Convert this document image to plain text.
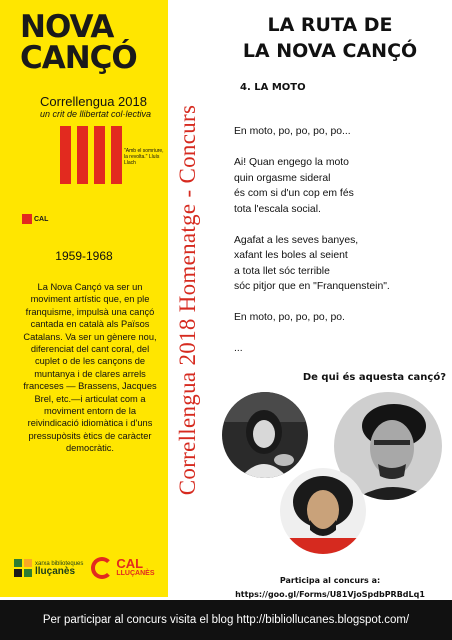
NOVA
CANÇÓ
Correllengua 2018
un crit de llibertat col·lectiva
"Amb el somriure, la revolta." Lluís Llach
CAL
1959-1968
La Nova Cançó va ser un moviment artístic que, en ple franquisme, impulsà una cançó cantada en català als Països Catalans. Va ser un gènere nou, diferenciat del cant coral, del cuplet o de les cançons de muntanya i de clares arrels franceses — Brassens, Jacques Brel, etc.—i articulat com a moviment entorn de la reivindicació idiomàtica i d'uns pressupòsits ètics de caràcter democràtic.
xarxa biblioteques
lluçanès
CAL
LLUÇANÈS
Correllengua 2018 Homenatge - Concurs
LA RUTA DE
LA NOVA CANÇÓ
4. LA MOTO
En moto, po, po, po, po...
Ai! Quan engego la moto
quin orgasme sideral
és com si d'un cop em fés
tota l'escala social.
Agafat a les seves banyes,
xafant les boles al seient
a tota llet sóc terrible
sóc pitjor que en "Franquenstein".
En moto, po, po, po, po.
...
De qui és aquesta cançó?
Participa al concurs a:
https://goo.gl/Forms/U81VjoSpdbPRBdLq1
Per participar al concurs visita el blog http://bibliollucanes.blogspot.com/
